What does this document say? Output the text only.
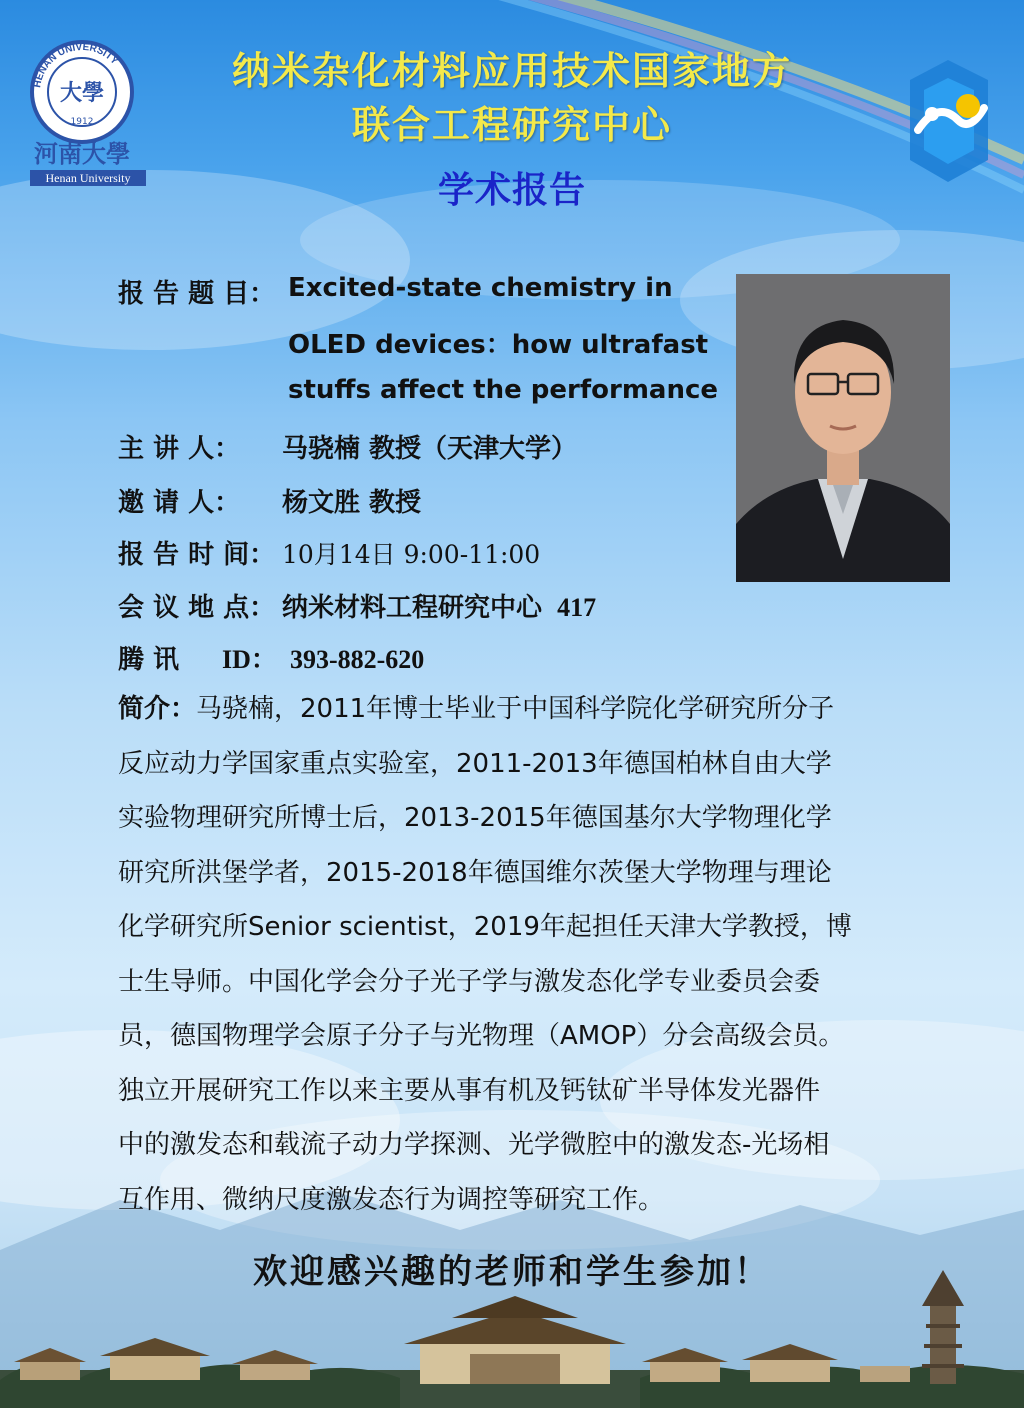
HENAN UNIVERSITY
大學
1912
河南大學
Henan University
纳米杂化材料应用技术国家地方
联合工程研究中心
学术报告
报 告 题 目： Excited-state chemistry in
OLED devices：how ultrafast
stuffs affect the performance
主 讲 人： 马骁楠 教授（天津大学）
邀 请 人： 杨文胜 教授
报 告 时 间： 10月14日 9:00-11:00
会 议 地 点： 纳米材料工程研究中心 417
腾 讯 ID： 393-882-620
简介：马骁楠，2011年博士毕业于中国科学院化学研究所分子
反应动力学国家重点实验室，2011-2013年德国柏林自由大学
实验物理研究所博士后，2013-2015年德国基尔大学物理化学
研究所洪堡学者，2015-2018年德国维尔茨堡大学物理与理论
化学研究所Senior scientist，2019年起担任天津大学教授，博
士生导师。中国化学会分子光子学与激发态化学专业委员会委
员，德国物理学会原子分子与光物理（AMOP）分会高级会员。
独立开展研究工作以来主要从事有机及钙钛矿半导体发光器件
中的激发态和载流子动力学探测、光学微腔中的激发态-光场相
互作用、微纳尺度激发态行为调控等研究工作。
欢迎感兴趣的老师和学生参加！
